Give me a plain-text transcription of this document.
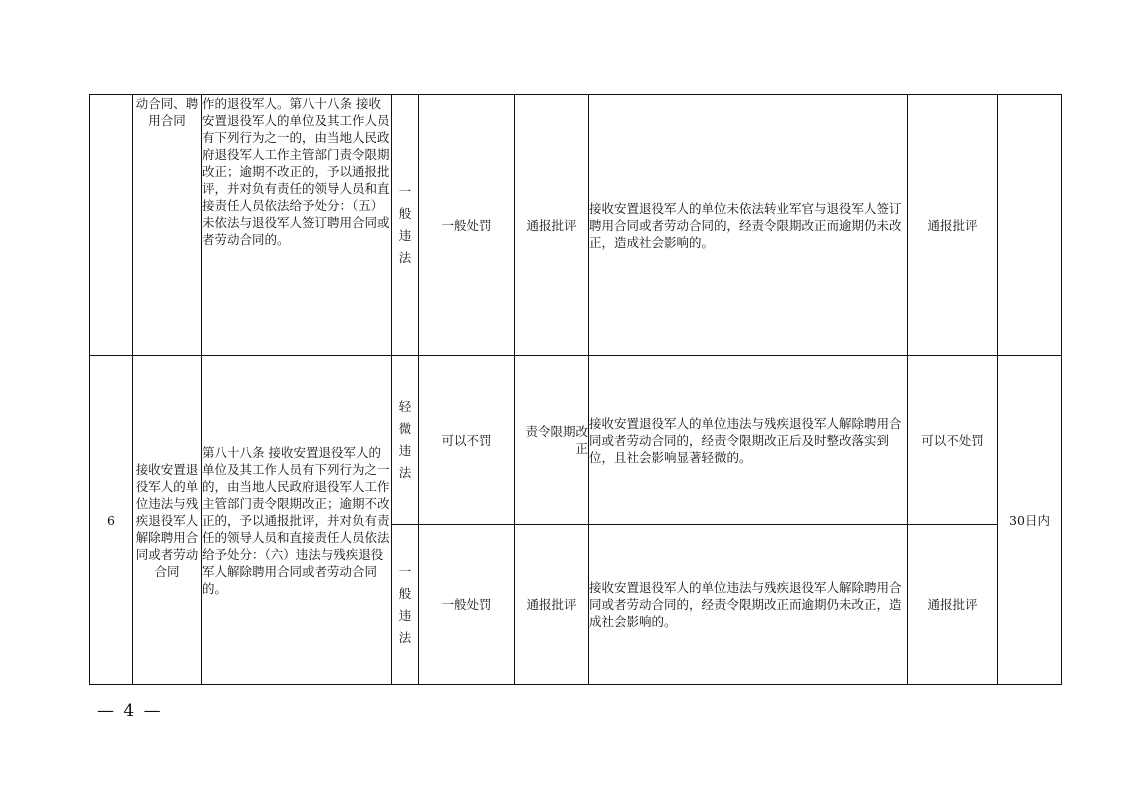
	动合同、聘用合同	作的退役军人。第八十八条 接收安置退役军人的单位及其工作人员有下列行为之一的，由当地人民政府退役军人工作主管部门责令限期改正；逾期不改正的，予以通报批评，并对负有责任的领导人员和直接责任人员依法给予处分：（五）未依法与退役军人签订聘用合同或者劳动合同的。	一般违法	一般处罚	通报批评	接收安置退役军人的单位未依法转业军官与退役军人签订聘用合同或者劳动合同的，经责令限期改正而逾期仍未改正，造成社会影响的。	通报批评	
6	接收安置退役军人的单位违法与残疾退役军人解除聘用合同或者劳动合同	第八十八条 接收安置退役军人的单位及其工作人员有下列行为之一的，由当地人民政府退役军人工作主管部门责令限期改正；逾期不改正的，予以通报批评，并对负有责任的领导人员和直接责任人员依法给予处分：（六）违法与残疾退役军人解除聘用合同或者劳动合同的。	轻微违法	可以不罚	责令限期改正	接收安置退役军人的单位违法与残疾退役军人解除聘用合同或者劳动合同的，经责令限期改正后及时整改落实到位，且社会影响显著轻微的。	可以不处罚	30日内

			一般违法	一般处罚	通报批评	接收安置退役军人的单位违法与残疾退役军人解除聘用合同或者劳动合同的，经责令限期改正而逾期仍未改正，造成社会影响的。	通报批评	
— 4 —
